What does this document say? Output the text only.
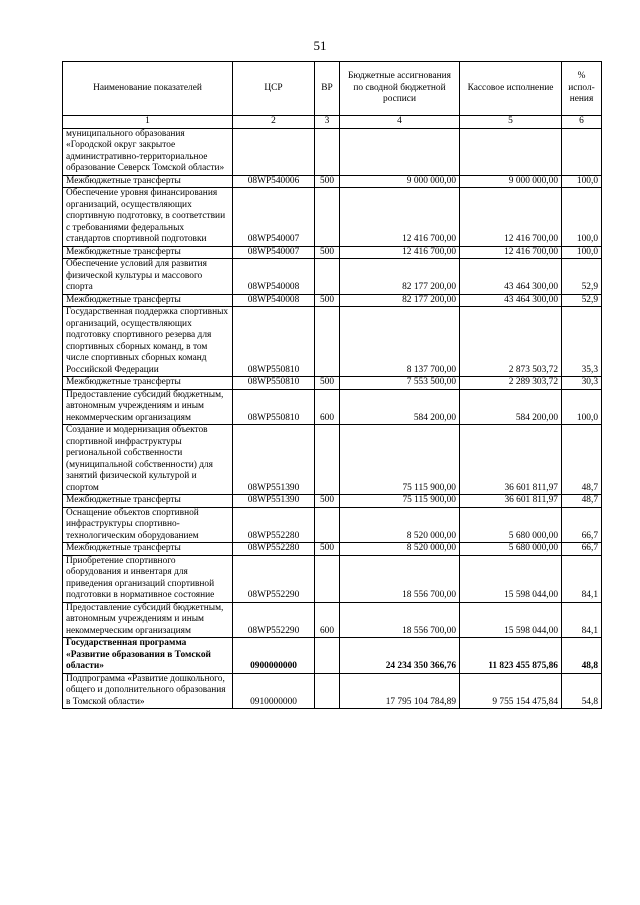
51
Наименование показателей	ЦСР	ВР	Бюджетные ассигнования по сводной бюджетной росписи	Кассовое исполнение	% испол-нения
1	2	3	4	5	6
муниципального образования «Городской округ закрытое административно-территориальное образование Северск Томской области»					
Межбюджетные трансферты	08WP540006	500	9 000 000,00	9 000 000,00	100,0
Обеспечение уровня финансирования организаций, осуществляющих спортивную подготовку, в соответствии с требованиями федеральных стандартов спортивной подготовки	08WP540007		12 416 700,00	12 416 700,00	100,0
Межбюджетные трансферты	08WP540007	500	12 416 700,00	12 416 700,00	100,0
Обеспечение условий для развития физической культуры и массового спорта	08WP540008		82 177 200,00	43 464 300,00	52,9
Межбюджетные трансферты	08WP540008	500	82 177 200,00	43 464 300,00	52,9
Государственная поддержка спортивных организаций, осуществляющих подготовку спортивного резерва для спортивных сборных команд, в том числе спортивных сборных команд Российской Федерации	08WP550810		8 137 700,00	2 873 503,72	35,3
Межбюджетные трансферты	08WP550810	500	7 553 500,00	2 289 303,72	30,3
Предоставление субсидий бюджетным, автономным учреждениям и иным некоммерческим организациям	08WP550810	600	584 200,00	584 200,00	100,0
Создание и модернизация объектов спортивной инфраструктуры региональной собственности (муниципальной собственности) для занятий физической культурой и спортом	08WP551390		75 115 900,00	36 601 811,97	48,7
Межбюджетные трансферты	08WP551390	500	75 115 900,00	36 601 811,97	48,7
Оснащение объектов спортивной инфраструктуры спортивно-технологическим оборудованием	08WP552280		8 520 000,00	5 680 000,00	66,7
Межбюджетные трансферты	08WP552280	500	8 520 000,00	5 680 000,00	66,7
Приобретение спортивного оборудования и инвентаря для приведения организаций спортивной подготовки в нормативное состояние	08WP552290		18 556 700,00	15 598 044,00	84,1
Предоставление субсидий бюджетным, автономным учреждениям и иным некоммерческим организациям	08WP552290	600	18 556 700,00	15 598 044,00	84,1
Государственная программа «Развитие образования в Томской области»	0900000000		24 234 350 366,76	11 823 455 875,86	48,8
Подпрограмма «Развитие дошкольного, общего и дополнительного образования в Томской области»	0910000000		17 795 104 784,89	9 755 154 475,84	54,8
